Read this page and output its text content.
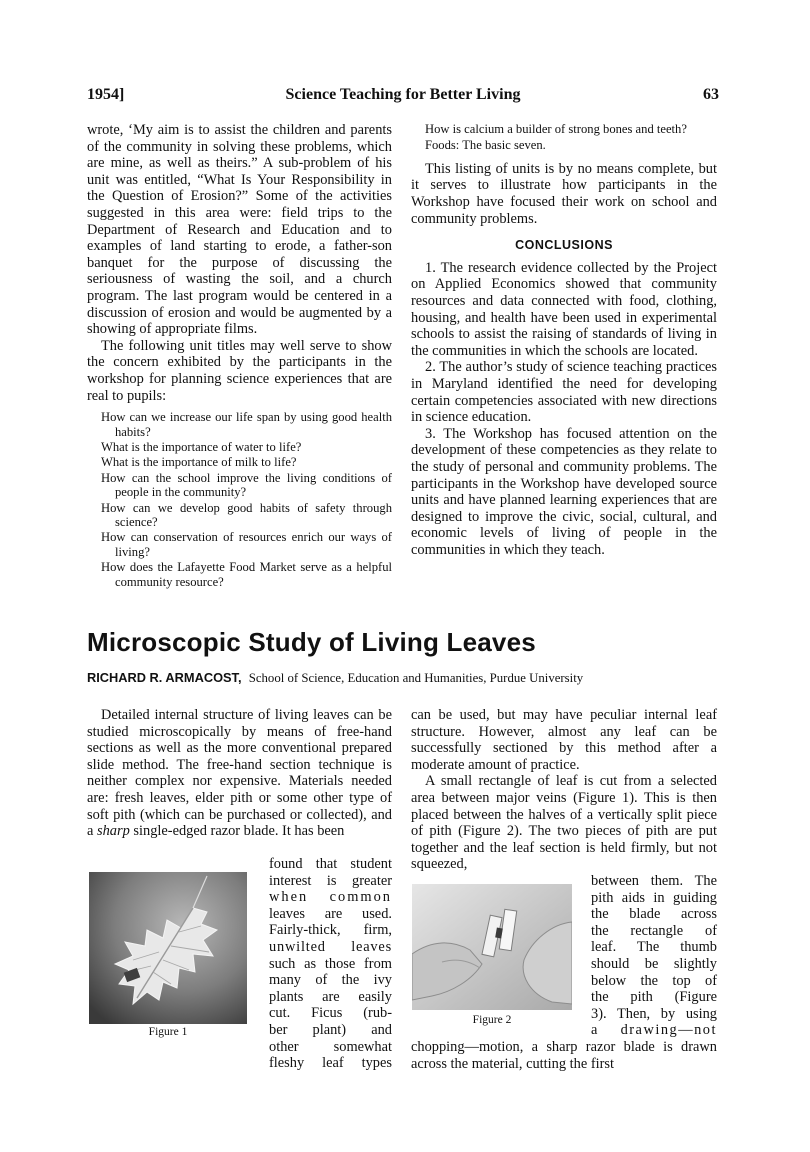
1954]	Science Teaching for Better Living	63

wrote, ‘My aim is to assist the children and parents of the community in solving these problems, which are mine, as well as theirs.” A sub-problem of his unit was entitled, “What Is Your Responsibility in the Question of Erosion?” Some of the activities suggested in this area were: field trips to the Department of Research and Education and to examples of land starting to erode, a father-son banquet for the purpose of discussing the seriousness of wasting the soil, and a church program. The last program would be centered in a discussion of erosion and would be augmented by a showing of appropriate films.

The following unit titles may well serve to show the concern exhibited by the participants in the workshop for planning science experiences that are real to pupils:

How can we increase our life span by using good health habits?
What is the importance of water to life?
What is the importance of milk to life?
How can the school improve the living conditions of people in the community?
How can we develop good habits of safety through science?
How can conservation of resources enrich our ways of living?
How does the Lafayette Food Market serve as a helpful community resource?
How is calcium a builder of strong bones and teeth?
Foods: The basic seven.

This listing of units is by no means complete, but it serves to illustrate how participants in the Workshop have focused their work on school and community problems.

CONCLUSIONS

1. The research evidence collected by the Project on Applied Economics showed that community resources and data connected with food, clothing, housing, and health have been used in experimental schools to assist the raising of standards of living in the communities in which the schools are located.

2. The author’s study of science teaching practices in Maryland identified the need for developing certain competencies associated with new directions in science education.

3. The Workshop has focused attention on the development of these competencies as they relate to the study of personal and community problems. The participants in the Workshop have developed source units and have planned learning experiences that are designed to improve the civic, social, cultural, and economic levels of living of people in the communities in which they teach.

Microscopic Study of Living Leaves
RICHARD R. ARMACOST, School of Science, Education and Humanities, Purdue University

Detailed internal structure of living leaves can be studied microscopically by means of free-hand sections as well as the more conventional prepared slide method. The free-hand section technique is neither complex nor expensive. Materials needed are: fresh leaves, elder pith or some other type of soft pith (which can be purchased or collected), and a sharp single-edged razor blade. It has been

Figure 1
found that student
interest is greater
when common
leaves are used.
Fairly-thick, firm,
unwilted leaves
such as those from
many of the ivy
plants are easily
cut. Ficus (rub-
ber plant) and
other somewhat
fleshy leaf types

can be used, but may have peculiar internal leaf structure. However, almost any leaf can be successfully sectioned by this method after a moderate amount of practice.

A small rectangle of leaf is cut from a selected area between major veins (Figure 1). This is then placed between the halves of a vertically split piece of pith (Figure 2). The two pieces of pith are put together and the leaf section is held firmly, but not squeezed,

Figure 2
between them. The
pith aids in guiding
the blade across
the rectangle of
leaf. The thumb
should be slightly
below the top of
the pith (Figure
3). Then, by using
a drawing—not

chopping—motion, a sharp razor blade is drawn across the material, cutting the first
